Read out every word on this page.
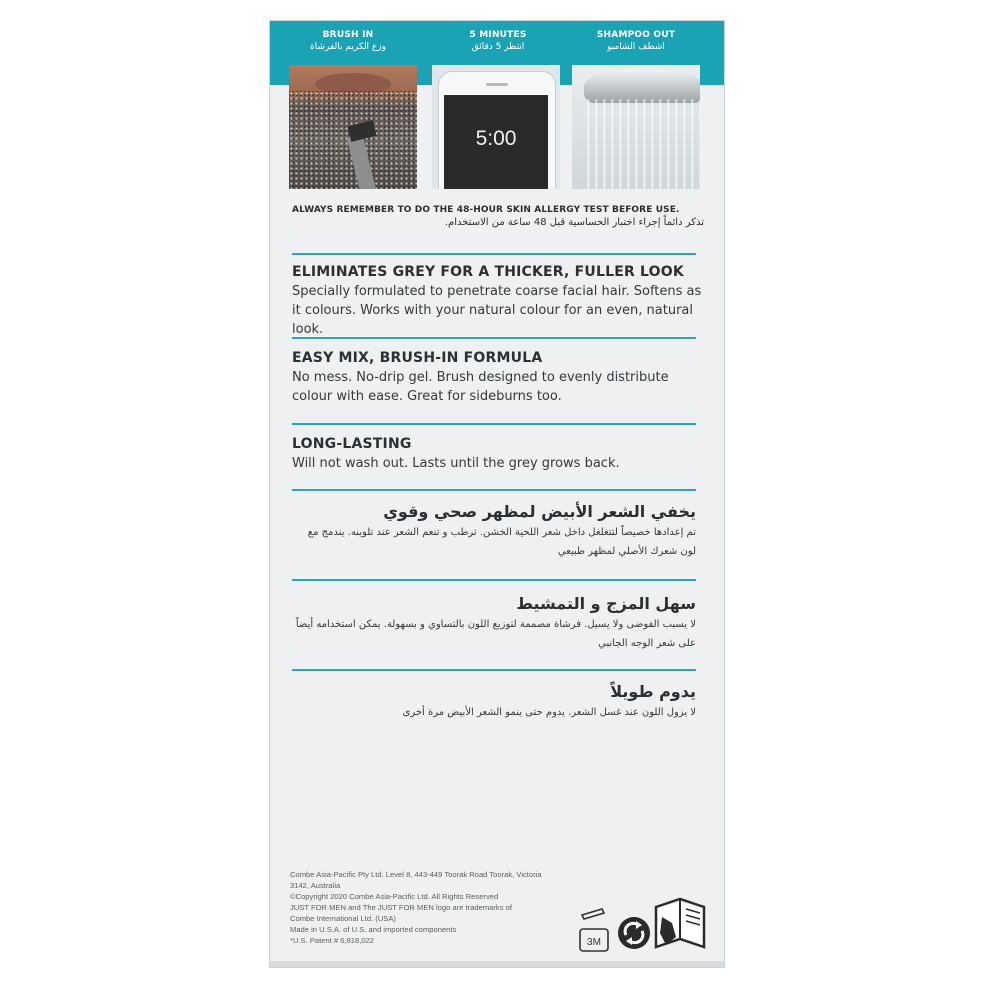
BRUSH IN
وزع الكريم بالفرشاة
5 MINUTES
انتظر 5 دقائق
SHAMPOO OUT
اشطف الشامبو
5:00
ALWAYS REMEMBER TO DO THE 48-HOUR SKIN ALLERGY TEST BEFORE USE.
تذكر دائماً إجراء اختبار الحساسية قبل 48 ساعة من الاستخدام.
ELIMINATES GREY FOR A THICKER, FULLER LOOK
Specially formulated to penetrate coarse facial hair. Softens as it colours. Works with your natural colour for an even, natural look.
EASY MIX, BRUSH-IN FORMULA
No mess. No-drip gel. Brush designed to evenly distribute colour with ease. Great for sideburns too.
LONG-LASTING
Will not wash out. Lasts until the grey grows back.
يخفي الشعر الأبيض لمظهر صحي وقوي
تم إعدادها خصيصاً لتتغلغل داخل شعر اللحية الخشن. ترطب و تنعم الشعر عند تلوينه. يندمج مع لون شعرك الأصلي لمظهر طبيعي
سهل المزج و التمشيط
لا يسبب الفوضى ولا يسيل. فرشاة مصممة لتوزيع اللون بالتساوي و بسهولة. يمكن استخدامه أيضاً على شعر الوجه الجانبي
يدوم طويلاً
لا يزول اللون عند غسل الشعر. يدوم حتى ينمو الشعر الأبيض مرة أخرى
Combe Asia-Pacific Pty Ltd. Level 8, 443-449 Toorak Road Toorak, Victoria 3142, Australia
©Copyright 2020 Combe Asia-Pacific Ltd. All Rights Reserved
JUST FOR MEN and The JUST FOR MEN logo are trademarks of
Combe International Ltd. (USA)
Made in U.S.A. of U.S. and imported components
*U.S. Patent # 6,818,022	3M
